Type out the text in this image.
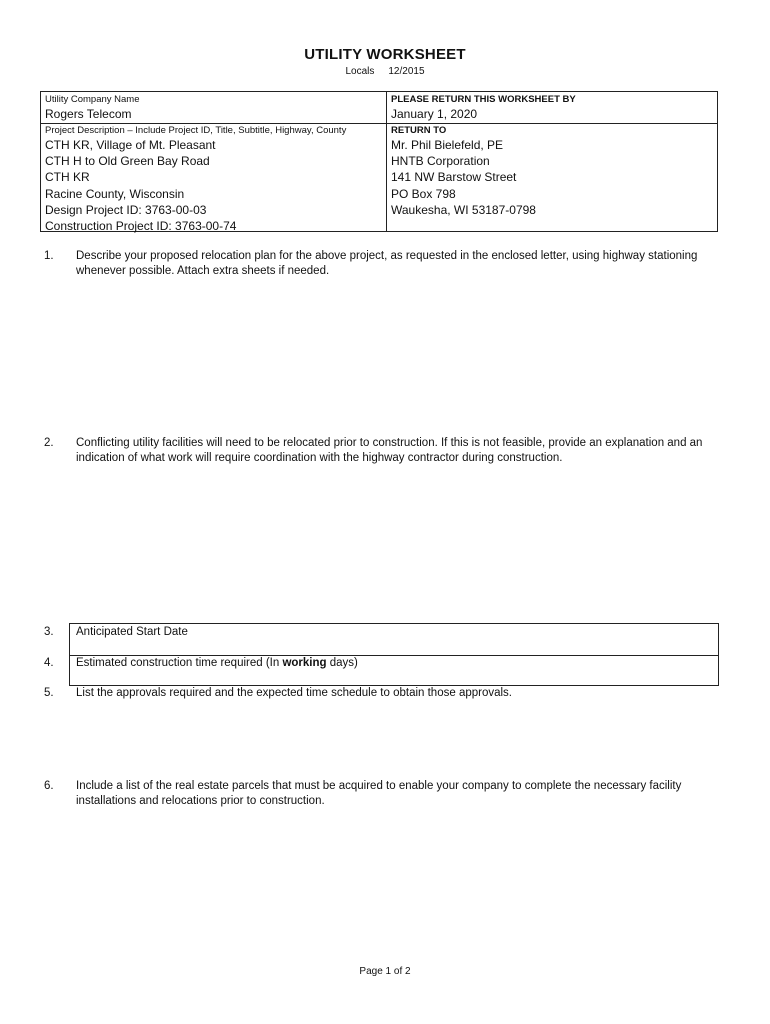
UTILITY WORKSHEET
Locals 12/2015
Utility Company Name
Rogers Telecom
PLEASE RETURN THIS WORKSHEET BY
January 1, 2020
Project Description – Include Project ID, Title, Subtitle, Highway, County
CTH KR, Village of Mt. Pleasant
CTH H to Old Green Bay Road
CTH KR
Racine County, Wisconsin
Design Project ID: 3763-00-03
Construction Project ID: 3763-00-74
RETURN TO
Mr. Phil Bielefeld, PE
HNTB Corporation
141 NW Barstow Street
PO Box 798
Waukesha, WI 53187-0798
1. Describe your proposed relocation plan for the above project, as requested in the enclosed letter, using highway stationing whenever possible. Attach extra sheets if needed.
2. Conflicting utility facilities will need to be relocated prior to construction. If this is not feasible, provide an explanation and an indication of what work will require coordination with the highway contractor during construction.
3. Anticipated Start Date
4. Estimated construction time required (In working days)
5. List the approvals required and the expected time schedule to obtain those approvals.
6. Include a list of the real estate parcels that must be acquired to enable your company to complete the necessary facility installations and relocations prior to construction.
Page 1 of 2
